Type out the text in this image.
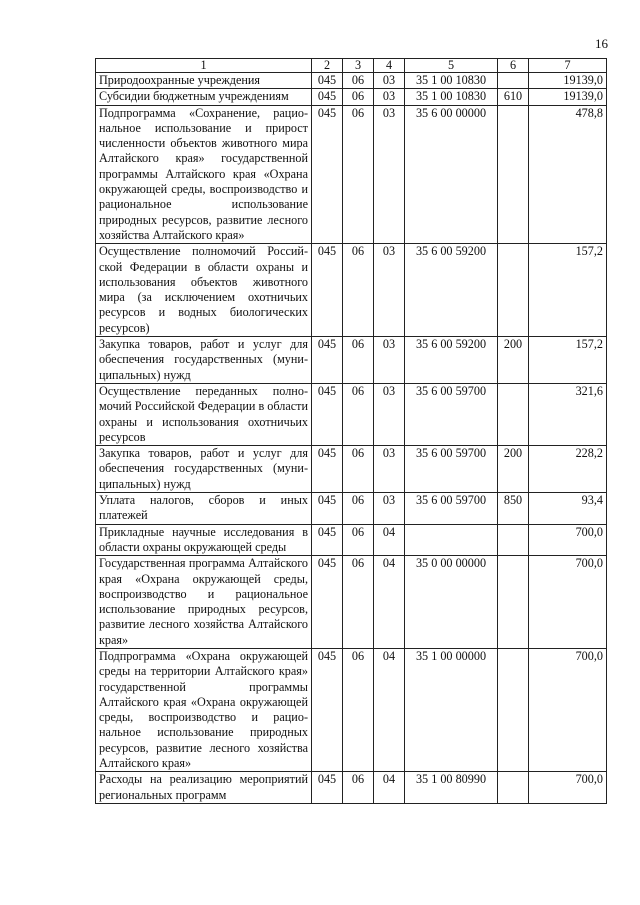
16
1	2	3	4	5	6	7
Природоохранные учреждения	045	06	03	35 1 00 10830		19139,0
Субсидии бюджетным учреждениям	045	06	03	35 1 00 10830	610	19139,0
Подпрограмма «Сохранение, рациональное использование и прирост численности объектов животного мира Алтайского края» государственной программы Алтайского края «Охрана окружающей среды, воспроизводство и рациональное использование природных ресурсов, развитие лесного хозяйства Алтайского края»	045	06	03	35 6 00 00000		478,8
Осуществление полномочий Российской Федерации в области охраны и использования объектов животного мира (за исключением охотничьих ресурсов и водных биологических ресурсов)	045	06	03	35 6 00 59200		157,2
Закупка товаров, работ и услуг для обеспечения государственных (муниципальных) нужд	045	06	03	35 6 00 59200	200	157,2
Осуществление переданных полномочий Российской Федерации в области охраны и использования охотничьих ресурсов	045	06	03	35 6 00 59700		321,6
Закупка товаров, работ и услуг для обеспечения государственных (муниципальных) нужд	045	06	03	35 6 00 59700	200	228,2
Уплата налогов, сборов и иных платежей	045	06	03	35 6 00 59700	850	93,4
Прикладные научные исследования в области охраны окружающей среды	045	06	04			700,0
Государственная программа Алтайского края «Охрана окружающей среды, воспроизводство и рациональное использование природных ресурсов, развитие лесного хозяйства Алтайского края»	045	06	04	35 0 00 00000		700,0
Подпрограмма «Охрана окружающей среды на территории Алтайского края» государственной программы Алтайского края «Охрана окружающей среды, воспроизводство и рациональное использование природных ресурсов, развитие лесного хозяйства Алтайского края»	045	06	04	35 1 00 00000		700,0
Расходы на реализацию мероприятий региональных программ	045	06	04	35 1 00 80990		700,0
